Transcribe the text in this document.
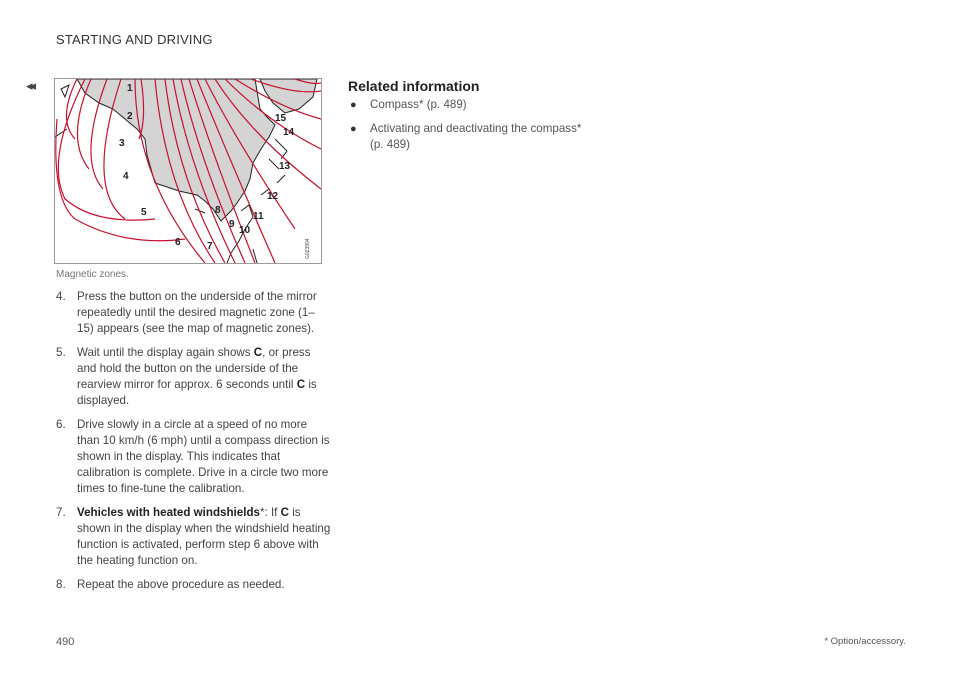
STARTING AND DRIVING
◂◂	1
2
3
4
5
6	7
8
9
10
11
12
13
14
15
G023904
Magnetic zones.
4. Press the button on the underside of the mirror repeatedly until the desired magnetic zone (1–15) appears (see the map of magnetic zones).
5. Wait until the display again shows C, or press and hold the button on the underside of the rearview mirror for approx. 6 seconds until C is displayed.
6. Drive slowly in a circle at a speed of no more than 10 km/h (6 mph) until a compass direction is shown in the display. This indicates that calibration is complete. Drive in a circle two more times to fine-tune the calibration.
7. Vehicles with heated windshields*: If C is shown in the display when the windshield heating function is activated, perform step 6 above with the heating function on.
8. Repeat the above procedure as needed.
Related information
● Compass* (p. 489)
● Activating and deactivating the compass* (p. 489)
490	* Option/accessory.
